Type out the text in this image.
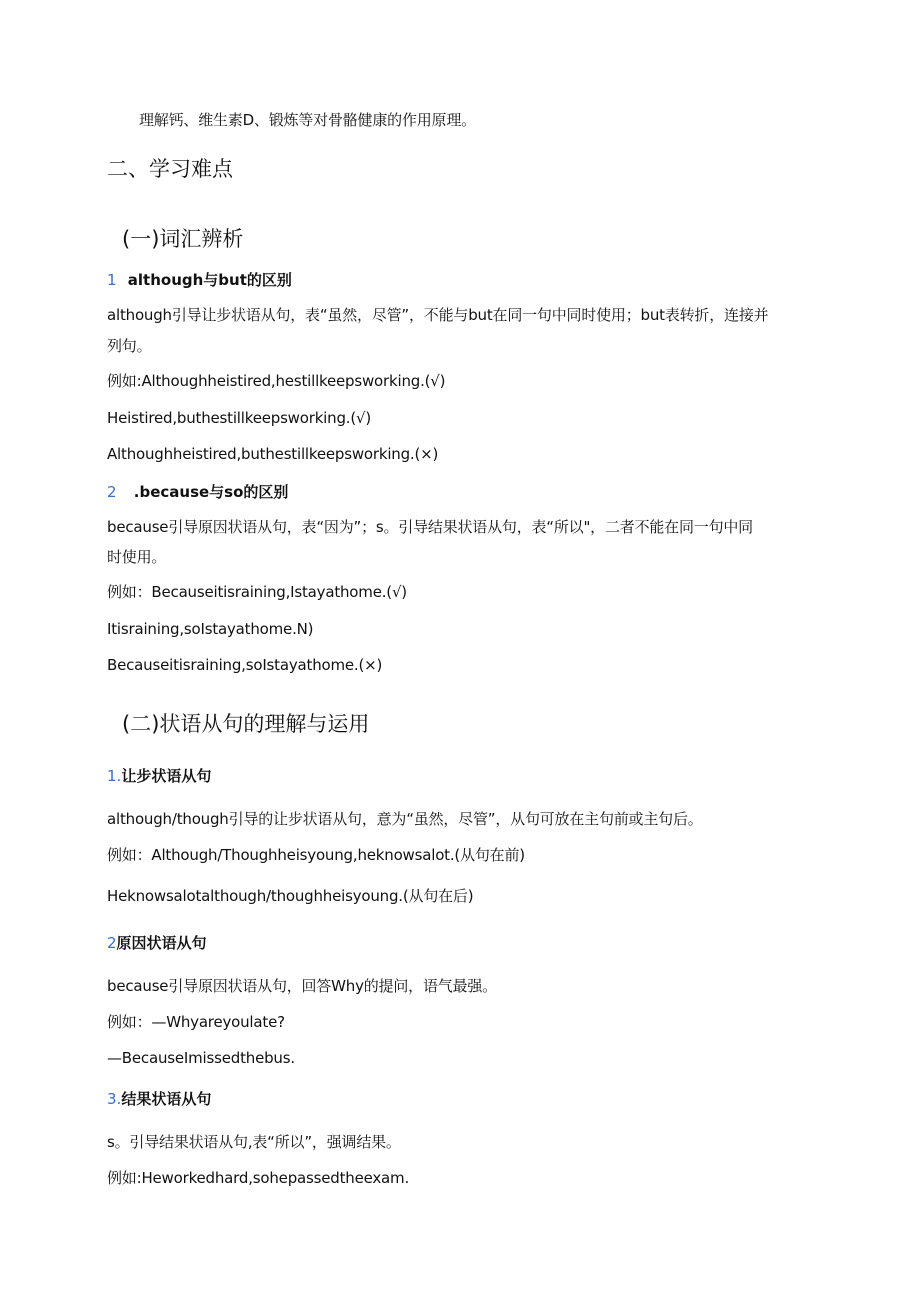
理解钙、维生素D、锻炼等对骨骼健康的作用原理。
二、学习难点
(一)词汇辨析
1 although与but的区别
although引导让步状语从句，表“虽然，尽管”，不能与but在同一句中同时使用；but表转折，连接并
列句。
例如:Althoughheistired,hestillkeepsworking.(√)
Heistired,buthestillkeepsworking.(√)
Althoughheistired,buthestillkeepsworking.(×)
2 .because与so的区别
because引导原因状语从句，表“因为”；s。引导结果状语从句，表“所以"，二者不能在同一句中同
时使用。
例如：Becauseitisraining,Istayathome.(√)
Itisraining,soIstayathome.N)
Becauseitisraining,soIstayathome.(×)
(二)状语从句的理解与运用
1.让步状语从句
although/though引导的让步状语从句，意为“虽然，尽管”，从句可放在主句前或主句后。
例如：Although/Thoughheisyoung,heknowsalot.(从句在前)
Heknowsalotalthough/thoughheisyoung.(从句在后)
2原因状语从句
because引导原因状语从句，回答Why的提问，语气最强。
例如：—Whyareyoulate?
—BecauseImissedthebus.
3.结果状语从句
s。引导结果状语从句,表“所以”，强调结果。
例如:Heworkedhard,sohepassedtheexam.
